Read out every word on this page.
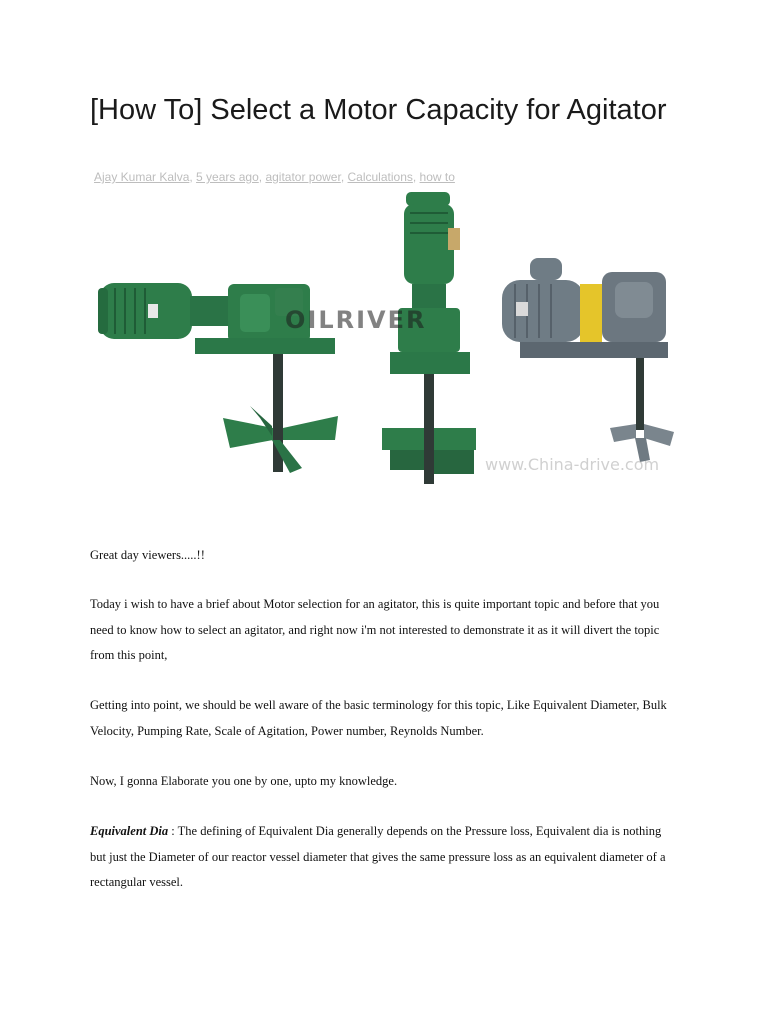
[How To] Select a Motor Capacity for Agitator
Ajay Kumar Kalva, 5 years ago, agitator power, Calculations, how to
OILRIVER
www.China-drive.com

Great day viewers.....!!

Today i wish to have a brief about Motor selection for an agitator, this is quite important topic and before that you need to know how to select an agitator, and right now i'm not interested to demonstrate it as it will divert the topic from this point,

Getting into point, we should be well aware of the basic terminology for this topic, Like Equivalent Diameter, Bulk Velocity, Pumping Rate, Scale of Agitation, Power number, Reynolds Number.

Now, I gonna Elaborate you one by one, upto my knowledge.

Equivalent Dia : The defining of Equivalent Dia generally depends on the Pressure loss, Equivalent dia is nothing but just the Diameter of our reactor vessel diameter that gives the same pressure loss as an equivalent diameter of a rectangular vessel.
